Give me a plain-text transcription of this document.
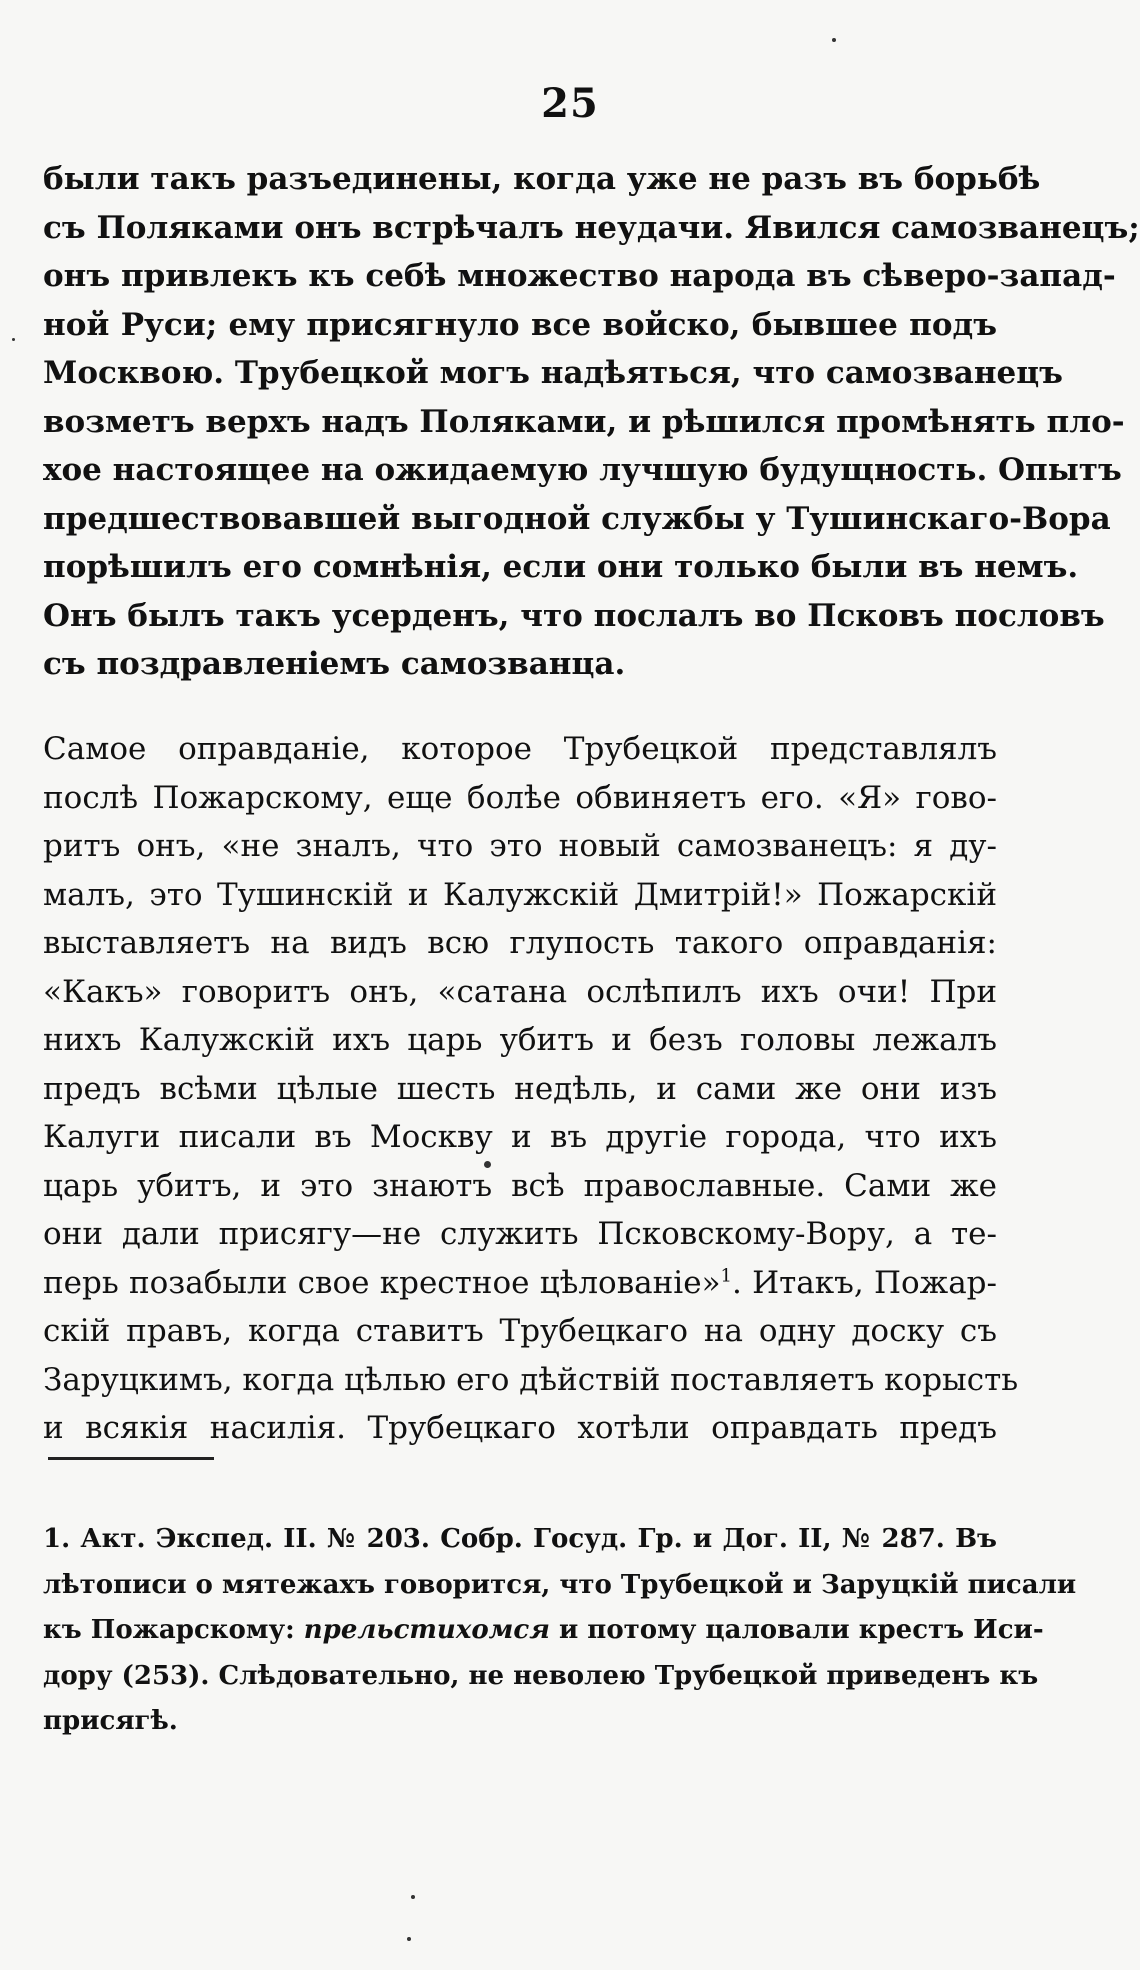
25
были такъ разъединены, когда уже не разъ въ борьбѣ
съ Поляками онъ встрѣчалъ неудачи. Явился самозванецъ;
онъ привлекъ къ себѣ множество народа въ сѣверо-запад-
ной Руси; ему присягнуло все войско, бывшее подъ
Москвою. Трубецкой могъ надѣяться, что самозванецъ
возметъ верхъ надъ Поляками, и рѣшился промѣнять пло-
хое настоящее на ожидаемую лучшую будущность. Опытъ
предшествовавшей выгодной службы у Тушинскаго-Вора
порѣшилъ его сомнѣнія, если они только были въ немъ.
Онъ былъ такъ усерденъ, что послалъ во Псковъ пословъ
съ поздравленіемъ самозванца.
Самое оправданіе, которое Трубецкой представлялъ
послѣ Пожарскому, еще болѣе обвиняетъ его. «Я» гово-
ритъ онъ, «не зналъ, что это новый самозванецъ: я ду-
малъ, это Тушинскій и Калужскій Дмитрій!» Пожарскій
выставляетъ на видъ всю глупость такого оправданія:
«Какъ» говоритъ онъ, «сатана ослѣпилъ ихъ очи! При
нихъ Калужскій ихъ царь убитъ и безъ головы лежалъ
предъ всѣми цѣлые шесть недѣль, и сами же они изъ
Калуги писали въ Москву и въ другіе города, что ихъ
царь убитъ, и это знаютъ всѣ православные. Сами же
они дали присягу—не служить Псковскому-Вору, а те-
перь позабыли свое крестное цѣлованіе»$^1$. Итакъ, Пожар-
скій правъ, когда ставитъ Трубецкаго на одну доску съ
Заруцкимъ, когда цѣлью его дѣйствій поставляетъ корысть
и всякія насилія. Трубецкаго хотѣли оправдать предъ
1. Акт. Экспед. II. № 203. Собр. Госуд. Гр. и Дог. II, № 287. Въ
лѣтописи о мятежахъ говорится, что Трубецкой и Заруцкій писали
къ Пожарскому: прельстихомся и потому цаловали крестъ Иси-
дору (253). Слѣдовательно, не неволею Трубецкой приведенъ къ
присягѣ.
